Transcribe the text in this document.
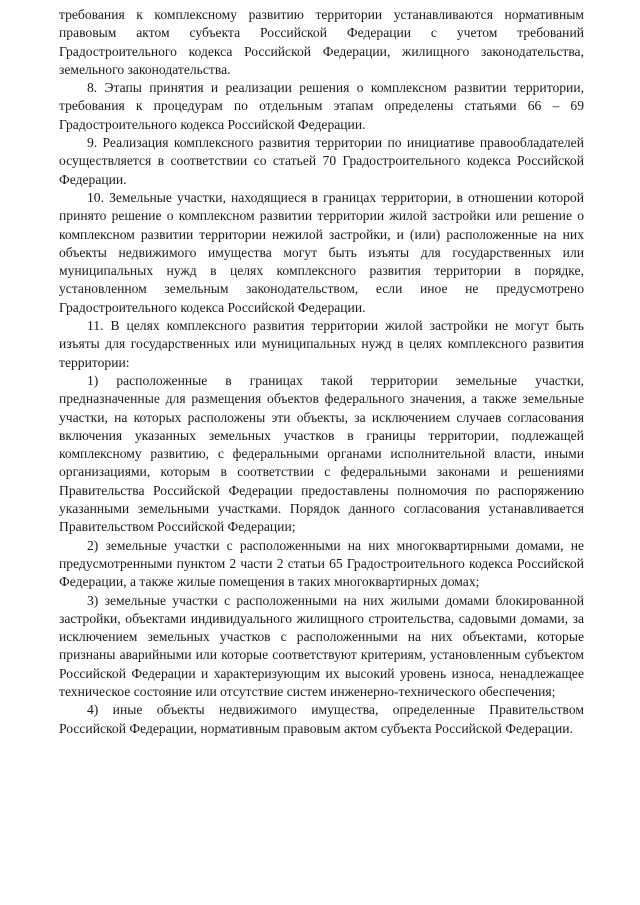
требования к комплексному развитию территории устанавливаются нормативным правовым актом субъекта Российской Федерации с учетом требований Градостроительного кодекса Российской Федерации, жилищного законодательства, земельного законодательства.

8. Этапы принятия и реализации решения о комплексном развитии территории, требования к процедурам по отдельным этапам определены статьями 66 – 69 Градостроительного кодекса Российской Федерации.

9. Реализация комплексного развития территории по инициативе правообладателей осуществляется в соответствии со статьей 70 Градостроительного кодекса Российской Федерации.

10. Земельные участки, находящиеся в границах территории, в отношении которой принято решение о комплексном развитии территории жилой застройки или решение о комплексном развитии территории нежилой застройки, и (или) расположенные на них объекты недвижимого имущества могут быть изъяты для государственных или муниципальных нужд в целях комплексного развития территории в порядке, установленном земельным законодательством, если иное не предусмотрено Градостроительного кодекса Российской Федерации.

11. В целях комплексного развития территории жилой застройки не могут быть изъяты для государственных или муниципальных нужд в целях комплексного развития территории:

1) расположенные в границах такой территории земельные участки, предназначенные для размещения объектов федерального значения, а также земельные участки, на которых расположены эти объекты, за исключением случаев согласования включения указанных земельных участков в границы территории, подлежащей комплексному развитию, с федеральными органами исполнительной власти, иными организациями, которым в соответствии с федеральными законами и решениями Правительства Российской Федерации предоставлены полномочия по распоряжению указанными земельными участками. Порядок данного согласования устанавливается Правительством Российской Федерации;

2) земельные участки с расположенными на них многоквартирными домами, не предусмотренными пунктом 2 части 2 статьи 65 Градостроительного кодекса Российской Федерации, а также жилые помещения в таких многоквартирных домах;

3) земельные участки с расположенными на них жилыми домами блокированной застройки, объектами индивидуального жилищного строительства, садовыми домами, за исключением земельных участков с расположенными на них объектами, которые признаны аварийными или которые соответствуют критериям, установленным субъектом Российской Федерации и характеризующим их высокий уровень износа, ненадлежащее техническое состояние или отсутствие систем инженерно-технического обеспечения;

4) иные объекты недвижимого имущества, определенные Правительством Российской Федерации, нормативным правовым актом субъекта Российской Федерации.
